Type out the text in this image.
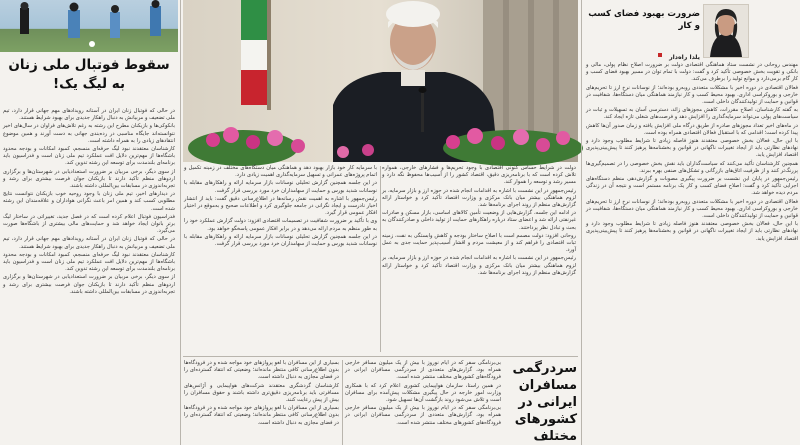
سقوط فوتبال ملی زنان به لیگ یک!

در حالی که فوتبال زنان ایران در آستانه رویدادهای مهم جهانی قرار دارد، تیم ملی تضعیف و مربیانش به دنبال راهکار جدیدی برای بهبود شرایط هستند.

بانکوکی‌ها و بازیکنان مطرح این رشته به رغم تلاش‌های فراوان در سال‌های اخیر نتوانسته‌اند جایگاه مناسبی در رده‌بندی جهانی به دست آورند و همین موضوع انتقادهای زیادی را به همراه داشته است.

کارشناسان معتقدند نبود لیگ حرفه‌ای منسجم، کمبود امکانات و بودجه محدود باشگاه‌ها از مهم‌ترین دلایل افت عملکرد تیم ملی زنان است و فدراسیون باید برنامه‌ای بلندمدت برای توسعه این رشته تدوین کند.

از سوی دیگر، برخی مربیان بر ضرورت استعدادیابی در شهرستان‌ها و برگزاری اردوهای منظم تأکید دارند تا بازیکنان جوان فرصت بیشتری برای رشد و تجربه‌اندوزی در مسابقات بین‌المللی داشته باشند.

در دیدارهای اخیر، تیم ملی زنان با وجود روحیه خوب بازیکنان نتوانست نتایج مطلوبی کسب کند و همین امر باعث نگرانی هواداران و علاقه‌مندان این رشته شده است.

فدراسیون فوتبال اعلام کرده است که در فصل جدید، تغییراتی در ساختار لیگ برتر بانوان ایجاد خواهد شد و حمایت‌های مالی بیشتری از باشگاه‌ها صورت می‌گیرد.

در حالی که فوتبال زنان ایران در آستانه رویدادهای مهم جهانی قرار دارد، تیم ملی تضعیف و مربیانش به دنبال راهکار جدیدی برای بهبود شرایط هستند.

کارشناسان معتقدند نبود لیگ حرفه‌ای منسجم، کمبود امکانات و بودجه محدود باشگاه‌ها از مهم‌ترین دلایل افت عملکرد تیم ملی زنان است و فدراسیون باید برنامه‌ای بلندمدت برای توسعه این رشته تدوین کند.

از سوی دیگر، برخی مربیان بر ضرورت استعدادیابی در شهرستان‌ها و برگزاری اردوهای منظم تأکید دارند تا بازیکنان جوان فرصت بیشتری برای رشد و تجربه‌اندوزی در مسابقات بین‌المللی داشته باشند.

دولت در شرایط حساس کنونی اقتصادی با وجود تحریم‌ها و فشارهای خارجی، همواره تلاش کرده است که با برنامه‌ریزی دقیق، اقتصاد کشور را از آسیب‌ها محفوظ نگه دارد و مسیر رشد و توسعه را هموار کند.

رئیس‌جمهور در این نشست با اشاره به اقدامات انجام شده در حوزه ارز و بازار سرمایه، بر لزوم هماهنگی بیشتر میان بانک مرکزی و وزارت اقتصاد تأکید کرد و خواستار ارائه گزارش‌های منظم از روند اجرای برنامه‌ها شد.

در ادامه این جلسه، گزارش‌هایی از وضعیت تأمین کالاهای اساسی، بازار مسکن و صادرات غیرنفتی ارائه شد و اعضای ستاد درباره راهکارهای حمایت از تولید داخلی و صادرکنندگان به بحث و تبادل نظر پرداختند.

روحانی افزود: دولت مصمم است با اصلاح ساختار بودجه و کاهش وابستگی به نفت، زمینه ثبات اقتصادی را فراهم کند و از معیشت مردم و اقشار آسیب‌پذیر حمایت جدی به عمل آورد.

رئیس‌جمهور در این نشست با اشاره به اقدامات انجام شده در حوزه ارز و بازار سرمایه، بر لزوم هماهنگی بیشتر میان بانک مرکزی و وزارت اقتصاد تأکید کرد و خواستار ارائه گزارش‌های منظم از روند اجرای برنامه‌ها شد.

با سرمایه کار خود بازار بهبود دهد و هماهنگی میان دستگاه‌های مختلف در زمینه تکمیل و اتمام پروژه‌های عمرانی و تسهیل سرمایه‌گذاری اهمیت زیادی دارد.

در این جلسه همچنین گزارش تحلیلی نوسانات بازار سرمایه ارائه و راهکارهای مقابله با نوسانات شدید بورس و حمایت از سهامداران خرد مورد بررسی قرار گرفت.

رئیس‌جمهور با اشاره به اهمیت نقش رسانه‌ها در اطلاع‌رسانی دقیق گفت: باید از انتشار اخبار نادرست و ایجاد نگرانی در جامعه جلوگیری کرد و اطلاعات صحیح و به‌موقع در اختیار افکار عمومی قرار گیرد.

وی با تأکید بر ضرورت شفافیت در تصمیمات اقتصادی افزود: دولت گزارش عملکرد خود را به طور منظم به مردم ارائه می‌دهد و در برابر افکار عمومی پاسخگو خواهد بود.

در این جلسه همچنین گزارش تحلیلی نوسانات بازار سرمایه ارائه و راهکارهای مقابله با نوسانات شدید بورس و حمایت از سهامداران خرد مورد بررسی قرار گرفت.

سردرگمی مسافران ایرانی در کشورهای مختلف

بی‌برنامگی سفر که در ایام نوروز با بیش از یک میلیون مسافر خارجی همراه بود، گزارش‌های متعددی از سردرگمی مسافران ایرانی در فرودگاه‌های کشورهای مختلف منتشر شده است.

در همین راستا، سازمان هواپیمایی کشوری اعلام کرد که با همکاری وزارت امور خارجه در حال پیگیری مشکلات پیش‌آمده برای مسافران است و تلاش می‌شود روند بازگشت آن‌ها تسهیل شود.

بی‌برنامگی سفر که در ایام نوروز با بیش از یک میلیون مسافر خارجی همراه بود، گزارش‌های متعددی از سردرگمی مسافران ایرانی در فرودگاه‌های کشورهای مختلف منتشر شده است.

بسیاری از این مسافران با لغو پروازهای خود مواجه شده و در فرودگاه‌ها بدون اطلاع‌رسانی کافی منتظر مانده‌اند؛ وضعیتی که انتقاد گسترده‌ای را در فضای مجازی به دنبال داشته است.

کارشناسان گردشگری معتقدند شرکت‌های هواپیمایی و آژانس‌های مسافرتی باید برنامه‌ریزی دقیق‌تری داشته باشند و حقوق مسافران را بیش از پیش رعایت کنند.

بسیاری از این مسافران با لغو پروازهای خود مواجه شده و در فرودگاه‌ها بدون اطلاع‌رسانی کافی منتظر مانده‌اند؛ وضعیتی که انتقاد گسترده‌ای را در فضای مجازی به دنبال داشته است.

ضرورت بهبود فضای کسب و کار
یلدا راه‌دار

مهندس روحانی در نشست ستاد هماهنگی اقتصادی دولت بر ضرورت اصلاح نظام پولی، مالی و بانکی و تقویت بخش خصوصی تأکید کرد و گفت: دولت با تمام توان در مسیر بهبود فضای کسب و کار گام برمی‌دارد و موانع تولید را برطرف می‌کند.

فعالان اقتصادی در دوره اخیر با مشکلات متعددی روبه‌رو بوده‌اند؛ از نوسانات نرخ ارز تا تحریم‌های خارجی و بوروکراسی اداری. بهبود محیط کسب و کار نیازمند هماهنگی میان دستگاه‌ها، شفافیت در قوانین و حمایت از تولیدکنندگان داخلی است.

به گفته کارشناسان، اصلاح مقررات، کاهش مجوزهای زائد، دسترسی آسان به تسهیلات و ثبات در سیاست‌های پولی می‌تواند سرمایه‌گذاری را افزایش دهد و فرصت‌های شغلی تازه ایجاد کند.

در ماه‌های اخیر تعداد مجوزهای صادره از طریق درگاه ملی افزایش یافته و زمان صدور آن‌ها کاهش پیدا کرده است؛ اقدامی که با استقبال فعالان اقتصادی همراه بوده است.

با این حال، فعالان بخش خصوصی معتقدند هنوز فاصله زیادی تا شرایط مطلوب وجود دارد و نهادهای نظارتی باید از ایجاد تغییرات ناگهانی در قوانین و بخشنامه‌ها پرهیز کنند تا پیش‌بینی‌پذیری اقتصاد افزایش یابد.

همچنین کارشناسان تأکید می‌کنند که سیاست‌گذاران باید نقش بخش خصوصی را در تصمیم‌گیری‌ها پررنگ‌تر کنند و از ظرفیت اتاق‌های بازرگانی و تشکل‌های صنفی بهره ببرند.

رئیس‌جمهور در پایان این نشست بر ضرورت پیگیری مصوبات و گزارش‌دهی منظم دستگاه‌های اجرایی تأکید کرد و گفت: اصلاح فضای کسب و کار یک برنامه مستمر است و نتیجه آن در زندگی مردم دیده خواهد شد.

فعالان اقتصادی در دوره اخیر با مشکلات متعددی روبه‌رو بوده‌اند؛ از نوسانات نرخ ارز تا تحریم‌های خارجی و بوروکراسی اداری. بهبود محیط کسب و کار نیازمند هماهنگی میان دستگاه‌ها، شفافیت در قوانین و حمایت از تولیدکنندگان داخلی است.

با این حال، فعالان بخش خصوصی معتقدند هنوز فاصله زیادی تا شرایط مطلوب وجود دارد و نهادهای نظارتی باید از ایجاد تغییرات ناگهانی در قوانین و بخشنامه‌ها پرهیز کنند تا پیش‌بینی‌پذیری اقتصاد افزایش یابد.
